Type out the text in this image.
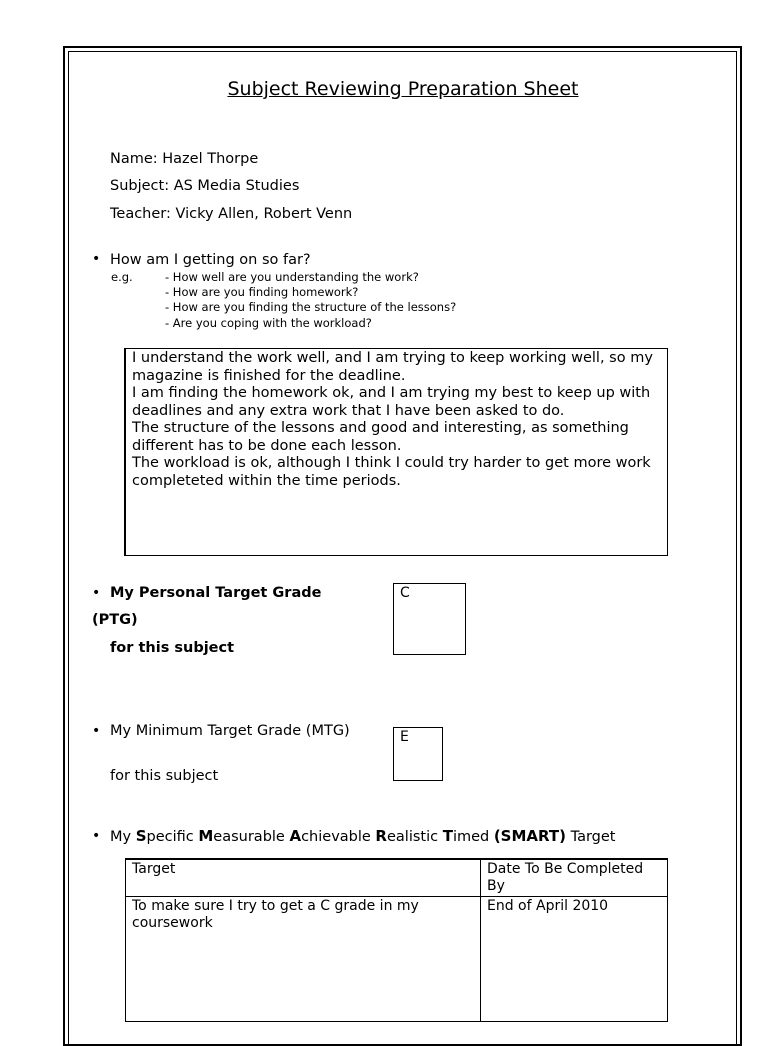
Subject Reviewing Preparation Sheet
Name: Hazel Thorpe
Subject: AS Media Studies
Teacher: Vicky Allen, Robert Venn
• How am I getting on so far?
e.g.	- How well are you understanding the work?
- How are you finding homework?
- How are you finding the structure of the lessons?
- Are you coping with the workload?

I understand the work well, and I am trying to keep working well, so my magazine is finished for the deadline.

I am finding the homework ok, and I am trying my best to keep up with deadlines and any extra work that I have been asked to do.

The structure of the lessons and good and interesting, as something different has to be done each lesson.

The workload is ok, although I think I could try harder to get more work completeted within the time periods.

• My Personal Target Grade
(PTG)
for this subject
C
• My Minimum Target Grade (MTG)
for this subject
E
• My Specific Measurable Achievable Realistic Timed (SMART) Target
Target	Date To Be Completed By
To make sure I try to get a C grade in my coursework	End of April 2010
